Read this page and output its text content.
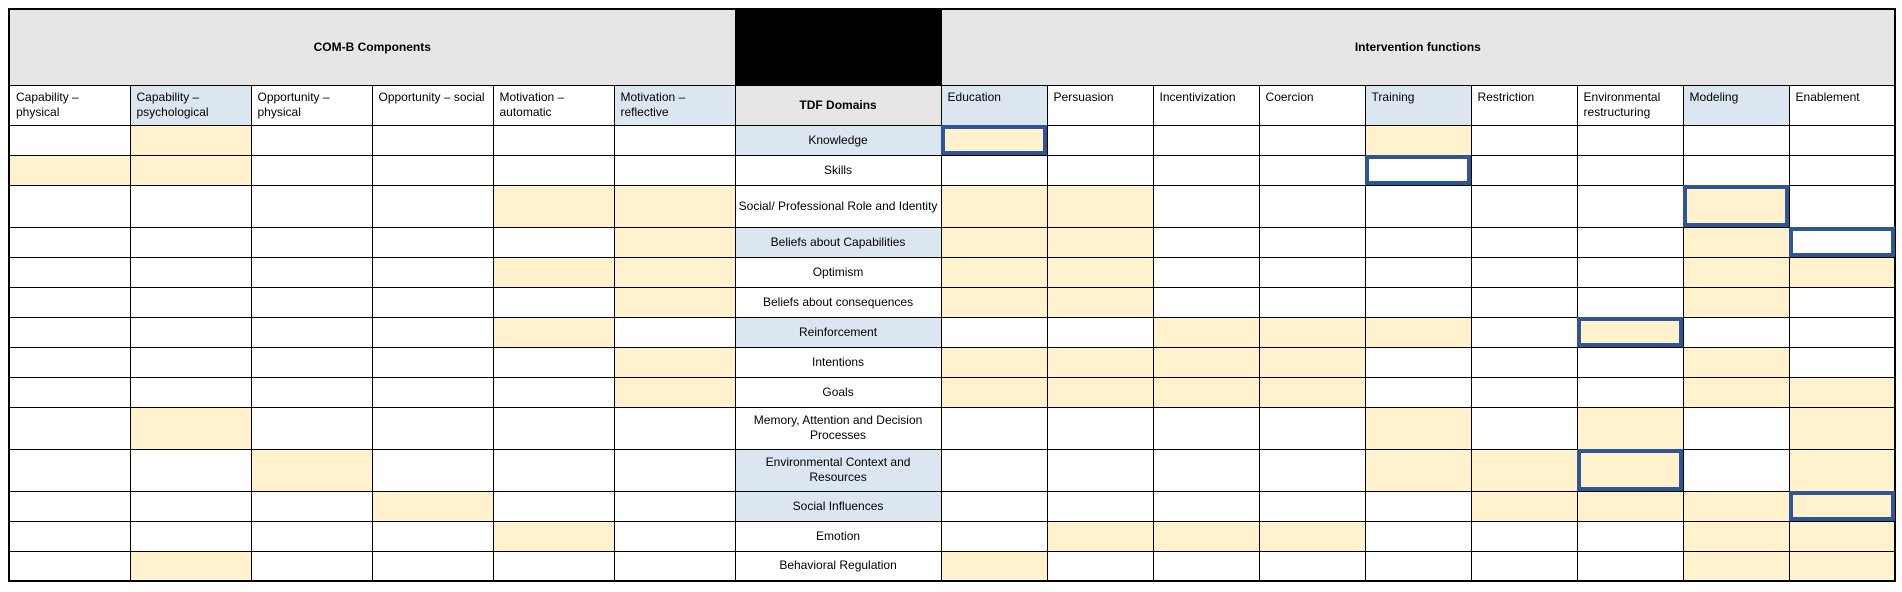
COM-B Components							Intervention functions								
Capability – physical	Capability – psychological	Opportunity – physical	Opportunity – social	Motivation – automatic	Motivation – reflective	TDF Domains	Education	Persuasion	Incentivization	Coercion	Training	Restriction	Environmental restructuring	Modeling	Enablement
						Knowledge									
						Skills									
						Social/ Professional Role and Identity									
						Beliefs about Capabilities									
						Optimism									
						Beliefs about consequences									
						Reinforcement									
						Intentions									
						Goals									
						Memory, Attention and Decision Processes									
						Environmental Context and Resources									
						Social Influences									
						Emotion									
						Behavioral Regulation									
